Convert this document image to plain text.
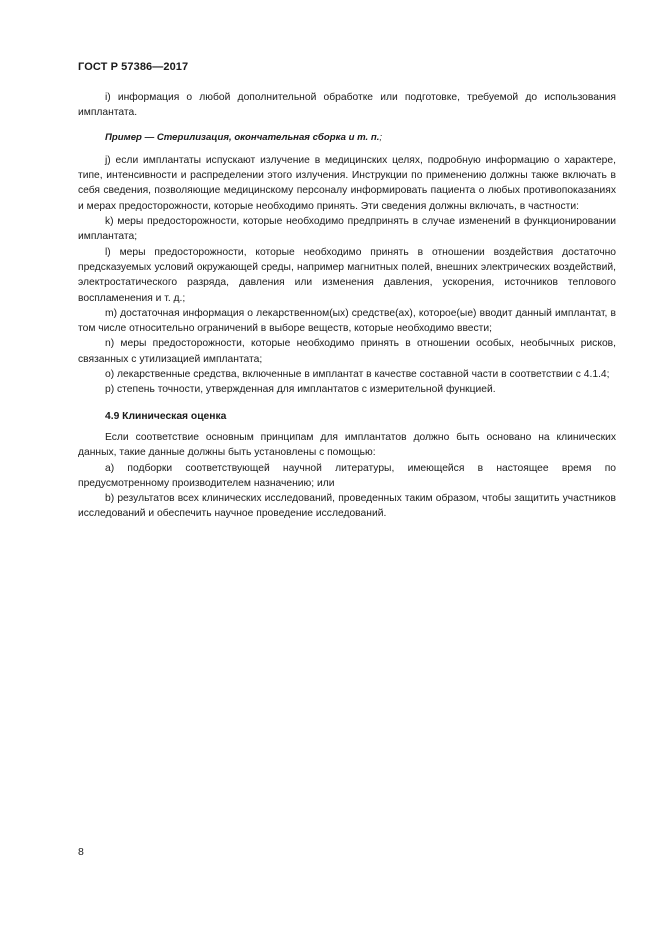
ГОСТ Р 57386—2017

i) информация о любой дополнительной обработке или подготовке, требуемой до использования имплантата.

Пример — Стерилизация, окончательная сборка и т. п.;

j) если имплантаты испускают излучение в медицинских целях, подробную информацию о характере, типе, интенсивности и распределении этого излучения. Инструкции по применению должны также включать в себя сведения, позволяющие медицинскому персоналу информировать пациента о любых противопоказаниях и мерах предосторожности, которые необходимо принять. Эти сведения должны включать, в частности:

k) меры предосторожности, которые необходимо предпринять в случае изменений в функционировании имплантата;

l) меры предосторожности, которые необходимо принять в отношении воздействия достаточно предсказуемых условий окружающей среды, например магнитных полей, внешних электрических воздействий, электростатического разряда, давления или изменения давления, ускорения, источников теплового воспламенения и т. д.;

m) достаточная информация о лекарственном(ых) средстве(ах), которое(ые) вводит данный имплантат, в том числе относительно ограничений в выборе веществ, которые необходимо ввести;

n) меры предосторожности, которые необходимо принять в отношении особых, необычных рисков, связанных с утилизацией имплантата;

o) лекарственные средства, включенные в имплантат в качестве составной части в соответствии с 4.1.4;

p) степень точности, утвержденная для имплантатов с измерительной функцией.

4.9 Клиническая оценка

Если соответствие основным принципам для имплантатов должно быть основано на клинических данных, такие данные должны быть установлены с помощью:

a) подборки соответствующей научной литературы, имеющейся в настоящее время по предусмотренному производителем назначению; или

b) результатов всех клинических исследований, проведенных таким образом, чтобы защитить участников исследований и обеспечить научное проведение исследований.

8
